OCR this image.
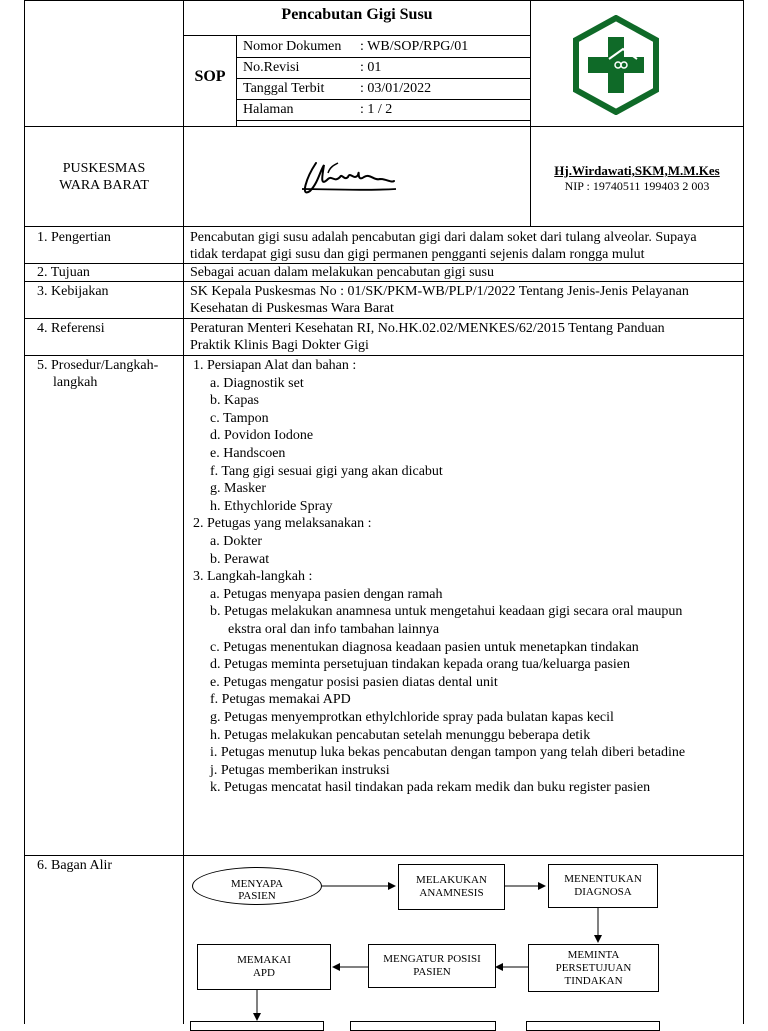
Pencabutan Gigi Susu
SOP
Nomor Dokumen : WB/SOP/RPG/01
No.Revisi	: 01
Tanggal Terbit	: 03/01/2022
Halaman	: 1 / 2
PUSKESMAS
WARA BARAT
Hj.Wirdawati,SKM,M.M.Kes
NIP : 19740511 199403 2 003
1. Pengertian	Pencabutan gigi susu adalah pencabutan gigi dari dalam soket dari tulang alveolar. Supaya
tidak terdapat gigi susu dan gigi permanen pengganti sejenis dalam rongga mulut
2. Tujuan	Sebagai acuan dalam melakukan pencabutan gigi susu
3. Kebijakan	SK Kepala Puskesmas No : 01/SK/PKM-WB/PLP/1/2022 Tentang Jenis-Jenis Pelayanan
Kesehatan di Puskesmas Wara Barat
4. Referensi	Peraturan Menteri Kesehatan RI, No.HK.02.02/MENKES/62/2015 Tentang Panduan
Praktik Klinis Bagi Dokter Gigi
5. Prosedur/Langkah-
langkah
1. Persiapan Alat dan bahan :
a. Diagnostik set
b. Kapas
c. Tampon
d. Povidon Iodone
e. Handscoen
f. Tang gigi sesuai gigi yang akan dicabut
g. Masker
h. Ethychloride Spray
2. Petugas yang melaksanakan :
a. Dokter
b. Perawat
3. Langkah-langkah :
a. Petugas menyapa pasien dengan ramah
b. Petugas melakukan anamnesa untuk mengetahui keadaan gigi secara oral maupun
ekstra oral dan info tambahan lainnya
c. Petugas menentukan diagnosa keadaan pasien untuk menetapkan tindakan
d. Petugas meminta persetujuan tindakan kepada orang tua/keluarga pasien
e. Petugas mengatur posisi pasien diatas dental unit
f. Petugas memakai APD
g. Petugas menyemprotkan ethylchloride spray pada bulatan kapas kecil
h. Petugas melakukan pencabutan setelah menunggu beberapa detik
i. Petugas menutup luka bekas pencabutan dengan tampon yang telah diberi betadine
j. Petugas memberikan instruksi
k. Petugas mencatat hasil tindakan pada rekam medik dan buku register pasien
6. Bagan Alir
MENYAPA
PASIEN
MELAKUKAN
ANAMNESIS
MENENTUKAN
DIAGNOSA
MEMINTA
PERSETUJUAN
TINDAKAN
MENGATUR POSISI
PASIEN
MEMAKAI
APD
